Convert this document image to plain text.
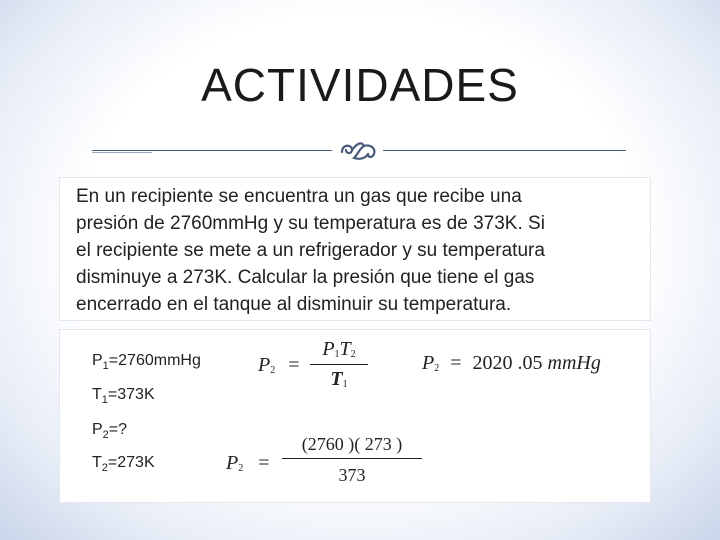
ACTIVIDADES
En un recipiente se encuentra un gas que recibe una
presión de 2760mmHg y su temperatura es de 373K. Si
el recipiente se mete a un refrigerador y su temperatura
disminuye a 273K. Calcular la presión que tiene el gas
encerrado en el tanque al disminuir su temperatura.
$P_1=2760mmHg$
$T_1=373K$
$P_2=$?
$T_2=273K$
P2 =
P1T2
T1
P2 = 2020 .05 mmHg
P2 =
(2760 )( 273 )
373
